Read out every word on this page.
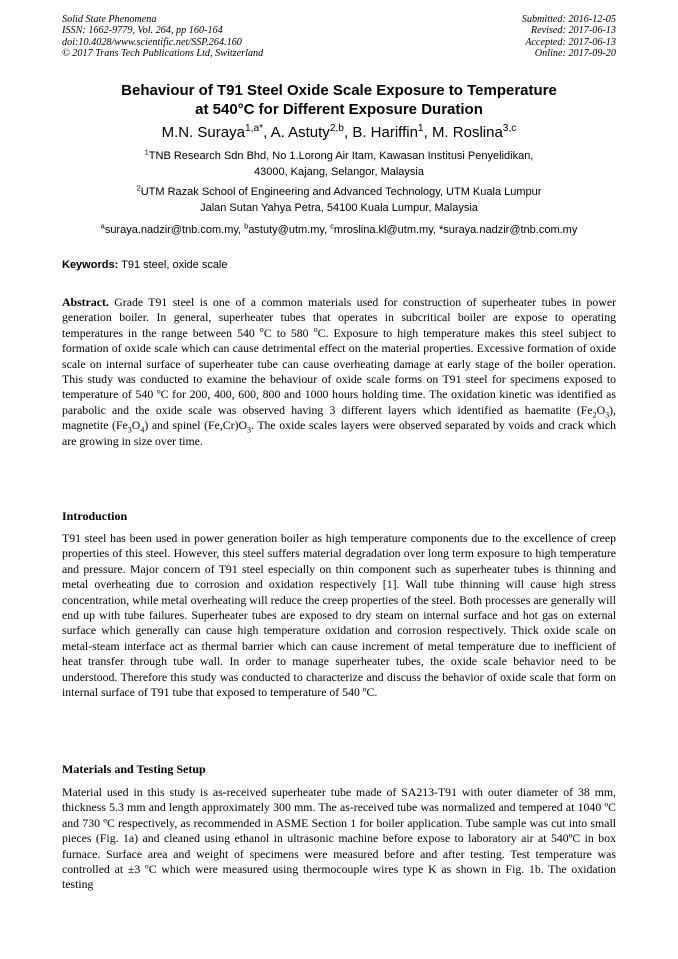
Solid State Phenomena
ISSN: 1662-9779, Vol. 264, pp 160-164
doi:10.4028/www.scientific.net/SSP.264.160
© 2017 Trans Tech Publications Ltd, Switzerland
Submitted: 2016-12-05
Revised: 2017-06-13
Accepted: 2017-06-13
Online: 2017-09-20
Behaviour of T91 Steel Oxide Scale Exposure to Temperature
at 540°C for Different Exposure Duration
M.N. Suraya$^{1,a*}$, A. Astuty$^{2,b}$, B. Hariffin$^1$, M. Roslina$^{3,c}$
$^1$TNB Research Sdn Bhd, No 1.Lorong Air Itam, Kawasan Institusi Penyelidikan,
43000, Kajang, Selangor, Malaysia
$^2$UTM Razak School of Engineering and Advanced Technology, UTM Kuala Lumpur
Jalan Sutan Yahya Petra, 54100 Kuala Lumpur, Malaysia
$^a$suraya.nadzir@tnb.com.my, $^b$astuty@utm.my, $^c$mroslina.kl@utm.my, *suraya.nadzir@tnb.com.my
Keywords: T91 steel, oxide scale
Abstract. Grade T91 steel is one of a common materials used for construction of superheater tubes in power generation boiler. In general, superheater tubes that operates in subcritical boiler are expose to operating temperatures in the range between 540 $^o$C to 580 $^o$C. Exposure to high temperature makes this steel subject to formation of oxide scale which can cause detrimental effect on the material properties. Excessive formation of oxide scale on internal surface of superheater tube can cause overheating damage at early stage of the boiler operation. This study was conducted to examine the behaviour of oxide scale forms on T91 steel for specimens exposed to temperature of 540 ºC for 200, 400, 600, 800 and 1000 hours holding time. The oxidation kinetic was identified as parabolic and the oxide scale was observed having 3 different layers which identified as haematite $(Fe_2O_3)$, magnetite $(Fe_3O_4)$ and spinel $(Fe,Cr)O_3$. The oxide scales layers were observed separated by voids and crack which are growing in size over time.
Introduction
T91 steel has been used in power generation boiler as high temperature components due to the excellence of creep properties of this steel. However, this steel suffers material degradation over long term exposure to high temperature and pressure. Major concern of T91 steel especially on thin component such as superheater tubes is thinning and metal overheating due to corrosion and oxidation respectively [1]. Wall tube thinning will cause high stress concentration, while metal overheating will reduce the creep properties of the steel. Both processes are generally will end up with tube failures. Superheater tubes are exposed to dry steam on internal surface and hot gas on external surface which generally can cause high temperature oxidation and corrosion respectively. Thick oxide scale on metal-steam interface act as thermal barrier which can cause increment of metal temperature due to inefficient of heat transfer through tube wall. In order to manage superheater tubes, the oxide scale behavior need to be understood. Therefore this study was conducted to characterize and discuss the behavior of oxide scale that form on internal surface of T91 tube that exposed to temperature of 540 ºC.
Materials and Testing Setup
Material used in this study is as-received superheater tube made of SA213-T91 with outer diameter of 38 mm, thickness 5.3 mm and length approximately 300 mm. The as-received tube was normalized and tempered at 1040 ºC and 730 ºC respectively, as recommended in ASME Section 1 for boiler application. Tube sample was cut into small pieces (Fig. 1a) and cleaned using ethanol in ultrasonic machine before expose to laboratory air at 540ºC in box furnace. Surface area and weight of specimens were measured before and after testing. Test temperature was controlled at ±3 ºC which were measured using thermocouple wires type K as shown in Fig. 1b. The oxidation testing
